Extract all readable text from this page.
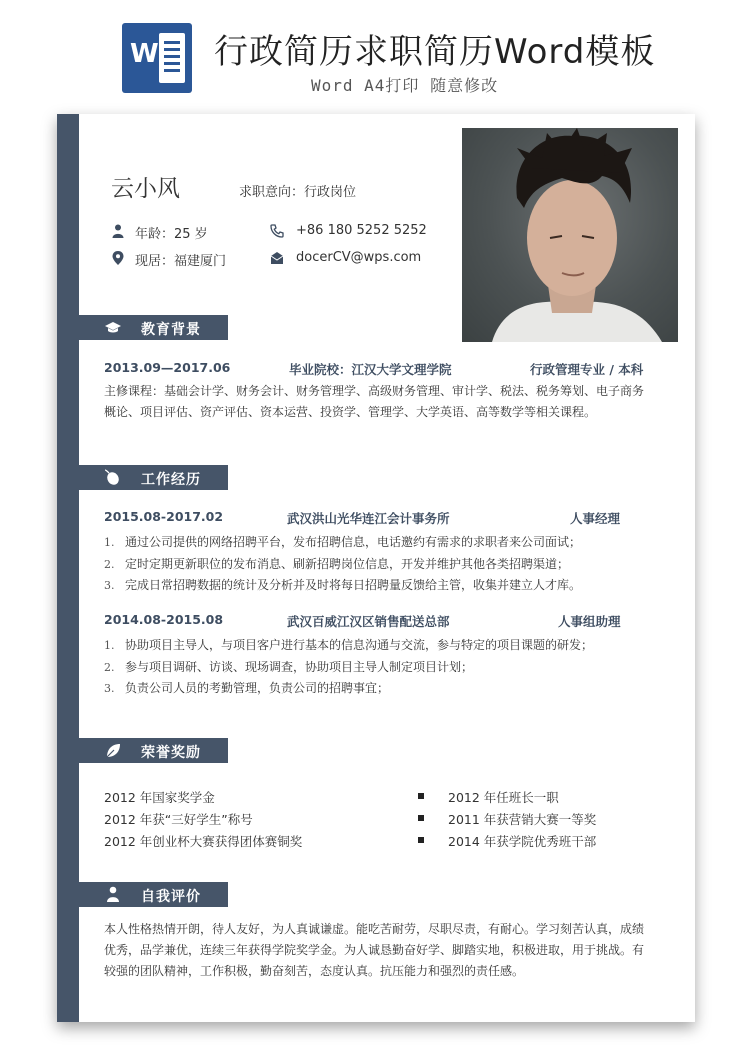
W 行政简历求职简历Word模板
Word A4打印 随意修改
云小风	求职意向：行政岗位
年龄：25 岁
现居：福建厦门
+86 180 5252 5252
docerCV@wps.com
教育背景
2013.09—2017.06	毕业院校：江汉大学文理学院	行政管理专业 / 本科
主修课程：基础会计学、财务会计、财务管理学、高级财务管理、审计学、税法、税务筹划、电子商务概论、项目评估、资产评估、资本运营、投资学、管理学、大学英语、高等数学等相关课程。
工作经历
2015.08-2017.02	武汉洪山光华连江会计事务所	人事经理
1. 通过公司提供的网络招聘平台，发布招聘信息，电话邀约有需求的求职者来公司面试；
2. 定时定期更新职位的发布消息、刷新招聘岗位信息，开发并维护其他各类招聘渠道；
3. 完成日常招聘数据的统计及分析并及时将每日招聘量反馈给主管，收集并建立人才库。
2014.08-2015.08	武汉百威江汉区销售配送总部	人事组助理
1. 协助项目主导人，与项目客户进行基本的信息沟通与交流，参与特定的项目课题的研发；
2. 参与项目调研、访谈、现场调查，协助项目主导人制定项目计划；
3. 负责公司人员的考勤管理，负责公司的招聘事宜；
荣誉奖励
2012 年国家奖学金
2012 年获“三好学生”称号
2012 年创业杯大赛获得团体赛铜奖
2012 年任班长一职
2011 年获营销大赛一等奖
2014 年获学院优秀班干部
自我评价
本人性格热情开朗，待人友好，为人真诚谦虚。能吃苦耐劳，尽职尽责，有耐心。学习刻苦认真，成绩优秀，品学兼优，连续三年获得学院奖学金。为人诚恳勤奋好学、脚踏实地，积极进取，用于挑战。有较强的团队精神，工作积极，勤奋刻苦，态度认真。抗压能力和强烈的责任感。
